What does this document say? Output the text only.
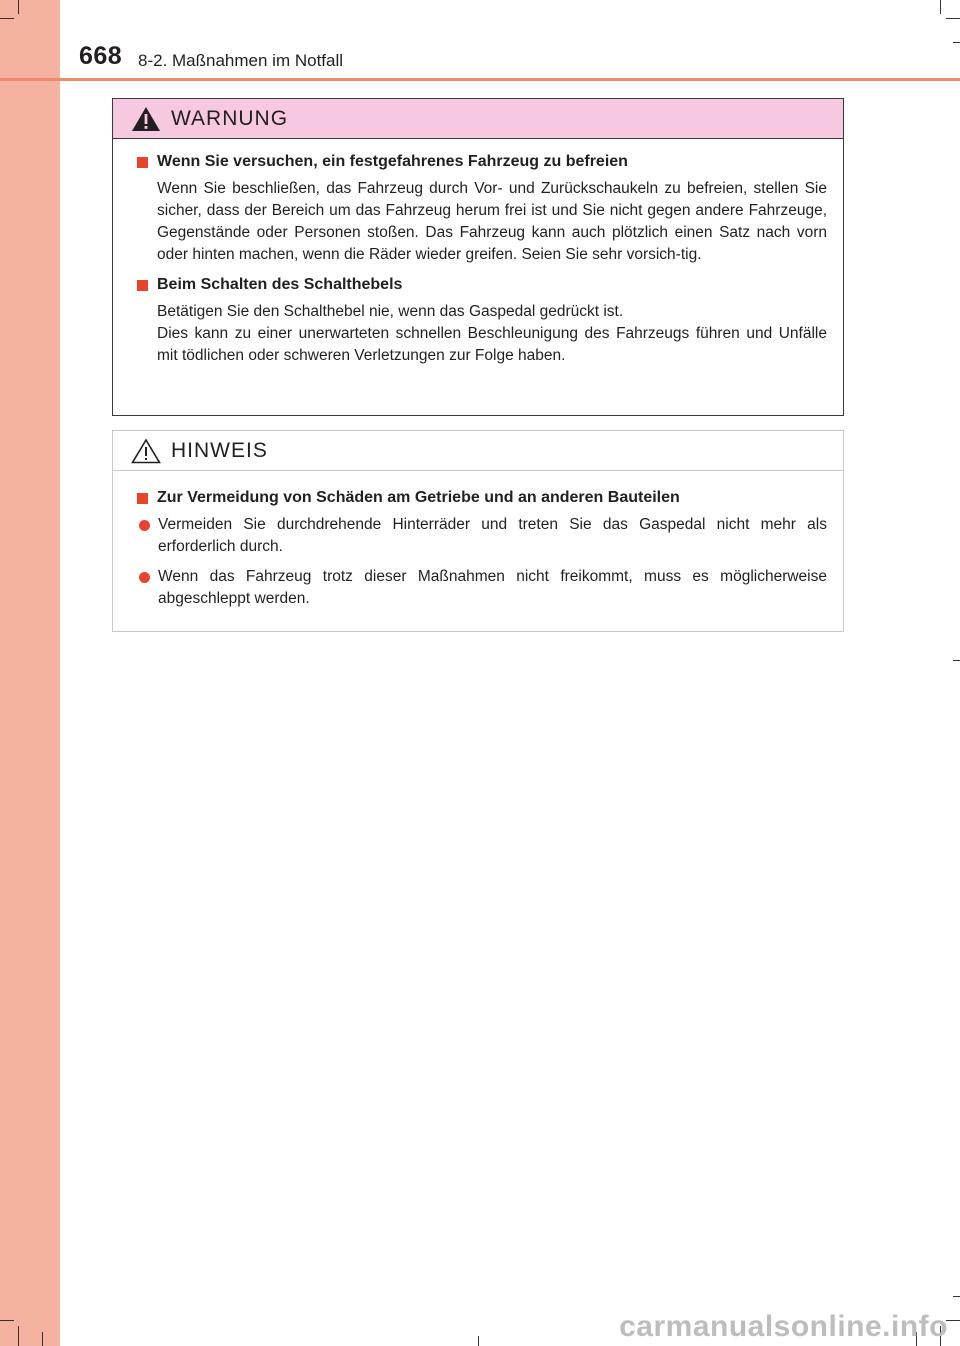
668 8-2. Maßnahmen im Notfall
WARNUNG
Wenn Sie versuchen, ein festgefahrenes Fahrzeug zu befreien
Wenn Sie beschließen, das Fahrzeug durch Vor- und Zurückschaukeln zu befreien, stellen Sie sicher, dass der Bereich um das Fahrzeug herum frei ist und Sie nicht gegen andere Fahrzeuge, Gegenstände oder Personen stoßen. Das Fahrzeug kann auch plötzlich einen Satz nach vorn oder hinten machen, wenn die Räder wieder greifen. Seien Sie sehr vorsich-tig.
Beim Schalten des Schalthebels
Betätigen Sie den Schalthebel nie, wenn das Gaspedal gedrückt ist.
Dies kann zu einer unerwarteten schnellen Beschleunigung des Fahrzeugs führen und Unfälle mit tödlichen oder schweren Verletzungen zur Folge haben.
HINWEIS
Zur Vermeidung von Schäden am Getriebe und an anderen Bauteilen
Vermeiden Sie durchdrehende Hinterräder und treten Sie das Gaspedal nicht mehr als erforderlich durch.
Wenn das Fahrzeug trotz dieser Maßnahmen nicht freikommt, muss es möglicherweise abgeschleppt werden.
carmanualsonline.info
